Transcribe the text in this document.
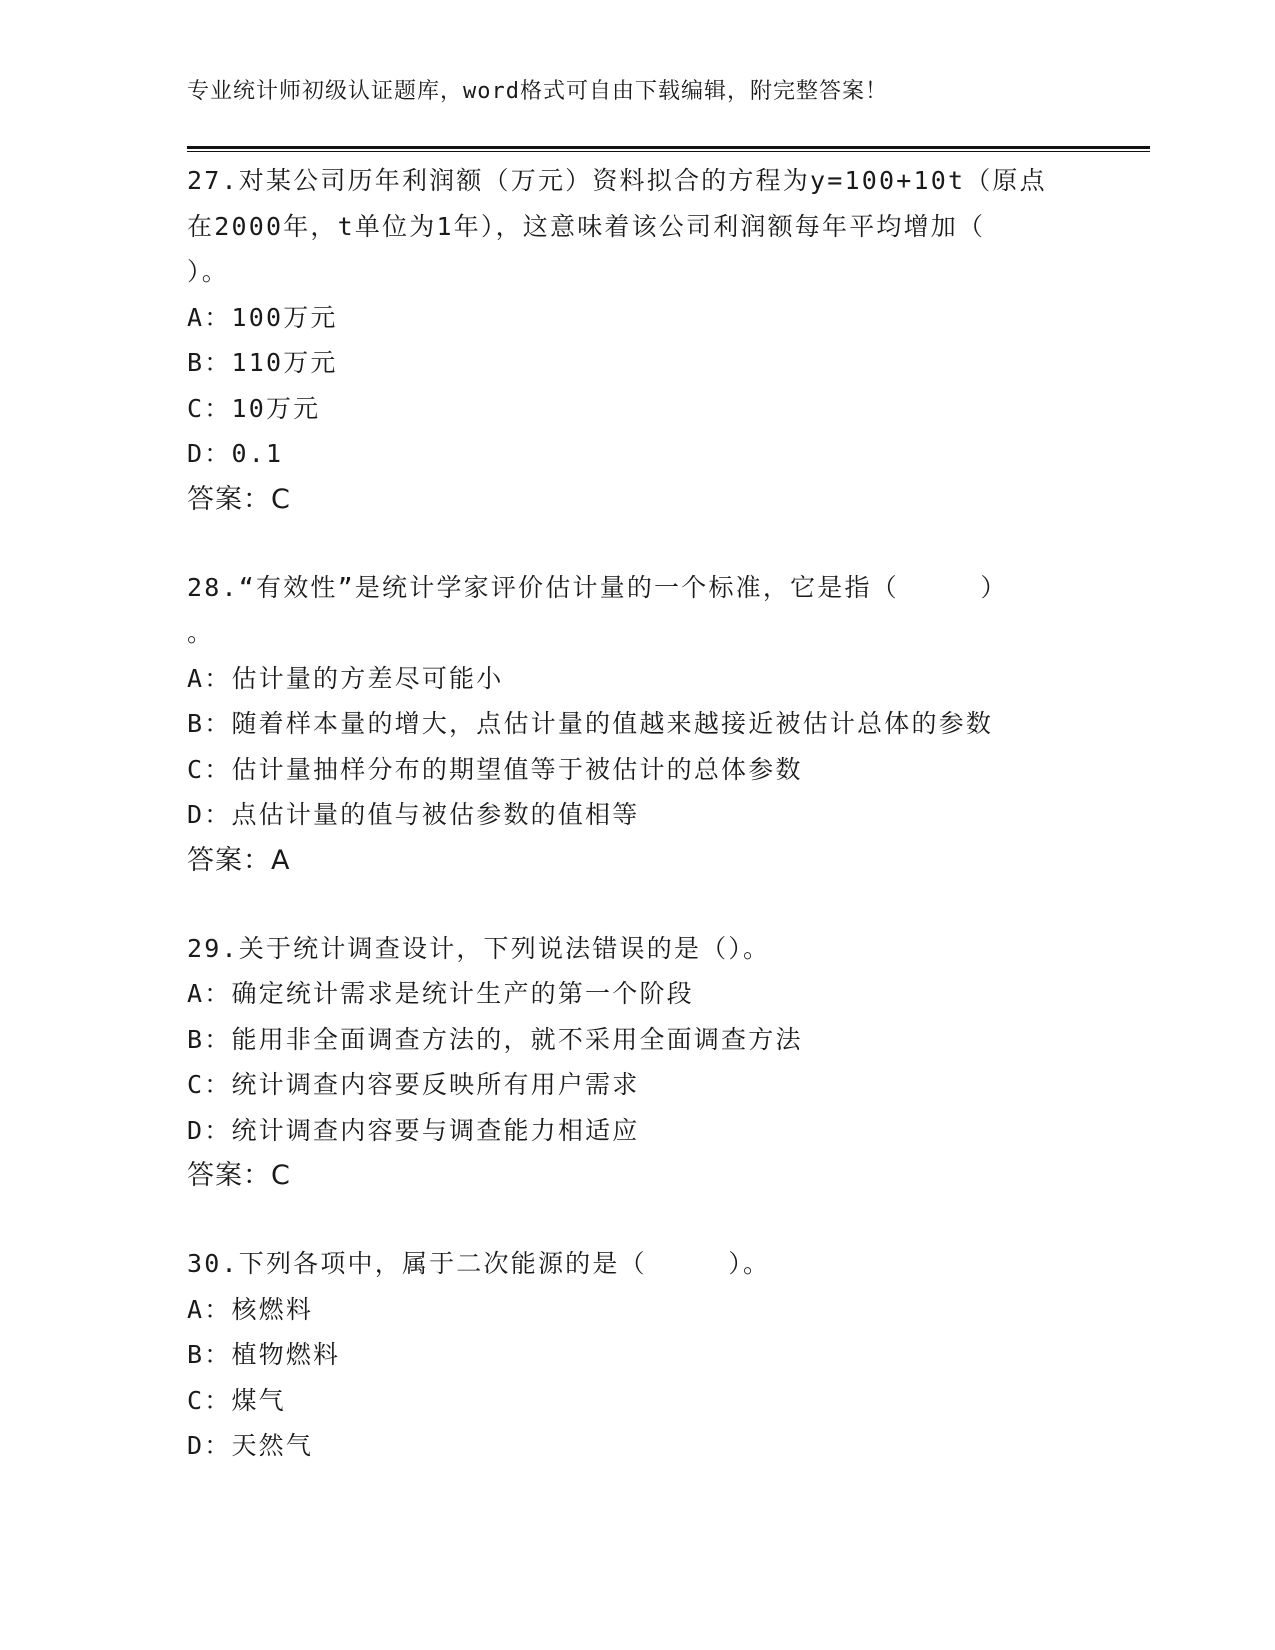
专业统计师初级认证题库，word格式可自由下载编辑，附完整答案！
27.对某公司历年利润额（万元）资料拟合的方程为y=100+10t（原点
在2000年，t单位为1年），这意味着该公司利润额每年平均增加（
）。
A：100万元
B：110万元
C：10万元
D：0.1
答案：C
28.“有效性”是统计学家评价估计量的一个标准，它是指（　　　）
。
A：估计量的方差尽可能小
B：随着样本量的增大，点估计量的值越来越接近被估计总体的参数
C：估计量抽样分布的期望值等于被估计的总体参数
D：点估计量的值与被估参数的值相等
答案：A
29.关于统计调查设计，下列说法错误的是（）。
A：确定统计需求是统计生产的第一个阶段
B：能用非全面调查方法的，就不采用全面调查方法
C：统计调查内容要反映所有用户需求
D：统计调查内容要与调查能力相适应
答案：C
30.下列各项中，属于二次能源的是（　　　）。
A：核燃料
B：植物燃料
C：煤气
D：天然气
